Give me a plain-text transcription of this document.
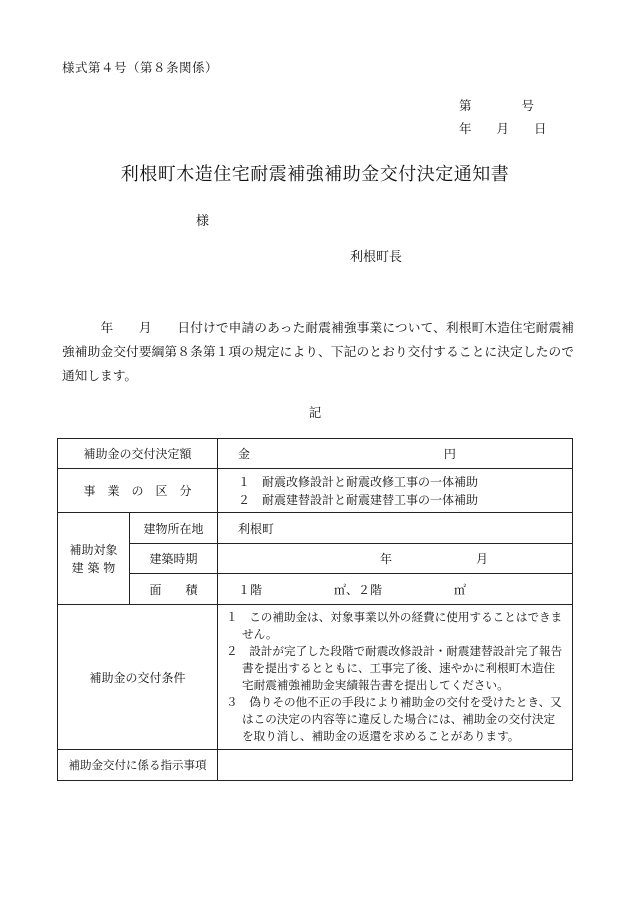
様式第４号（第８条関係）
第　　　　号
年　　月　　日
利根町木造住宅耐震補強補助金交付決定通知書
様
利根町長
　　　年　　月　　日付けで申請のあった耐震補強事業について、利根町木造住宅耐震補強補助金交付要綱第８条第１項の規定により、下記のとおり交付することに決定したので通知します。
記
補助金の交付決定額		金 円
事　業　の　区　分		１　耐震改修設計と耐震改修工事の一体補助
２　耐震建替設計と耐震建替工事の一体補助

補助対象
建 築 物	建物所在地	利根町
	建築時期	年　　　　　　　月
	面　　積	１階　　　　　　㎡、２階　　　　　　㎡
補助金の交付条件		１　この補助金は、対象事業以外の経費に使用することはできません。
２　設計が完了した段階で耐震改修設計・耐震建替設計完了報告書を提出するとともに、工事完了後、速やかに利根町木造住宅耐震補強補助金実績報告書を提出してください。
３　偽りその他不正の手段により補助金の交付を受けたとき、又はこの決定の内容等に違反した場合には、補助金の交付決定を取り消し、補助金の返還を求めることがあります。

補助金交付に係る指示事項		
